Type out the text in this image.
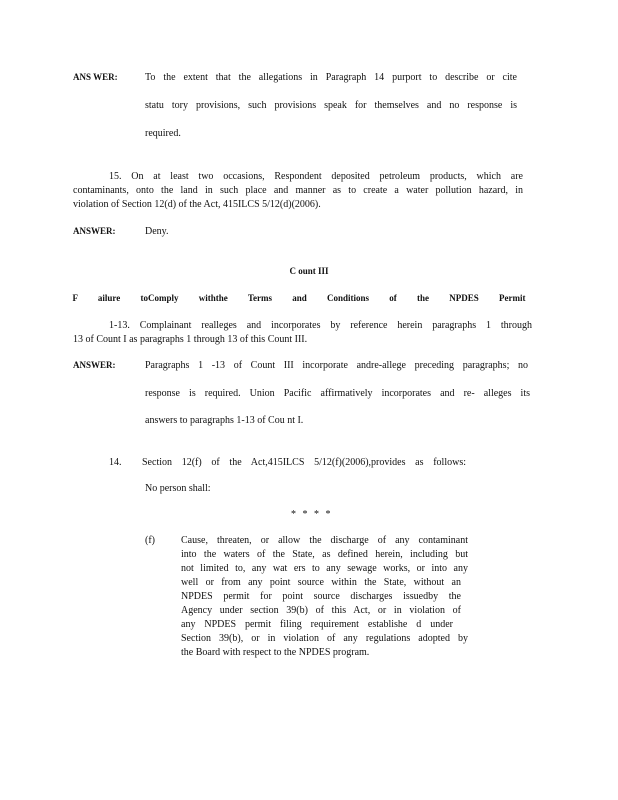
ANS WER:	To the extent that the allegations in Paragraph 14 purport to describe or cite
statu tory provisions, such provisions speak for themselves and no response is
required.
15. On at least two occasions, Respondent deposited petroleum products, which are
contaminants, onto the land in such place and manner as to create a water pollution hazard, in
violation of Section 12(d) of the Act, 415ILCS 5/12(d)(2006).
ANSWER:	Deny.
C ount III
F ailure toComply withthe Terms and Conditions of the NPDES Permit
1-13. Complainant realleges and incorporates by reference herein paragraphs 1 through
13 of Count I as paragraphs 1 through 13 of this Count III.
ANSWER:	Paragraphs 1 -13 of Count III incorporate andre-allege preceding paragraphs; no
response is required. Union Pacific affirmatively incorporates and re- alleges its
answers to paragraphs 1-13 of Cou nt I.
14. Section 12(f) of the Act,415ILCS 5/12(f)(2006),provides as follows:
No person shall:
* * * *
(f)	Cause, threaten, or allow the discharge of any contaminant
into the waters of the State, as defined herein, including but
not limited to, any wat ers to any sewage works, or into any
well or from any point source within the State, without an
NPDES permit for point source discharges issuedby the
Agency under section 39(b) of this Act, or in violation of
any NPDES permit filing requirement establishe d under
Section 39(b), or in violation of any regulations adopted by
the Board with respect to the NPDES program.
